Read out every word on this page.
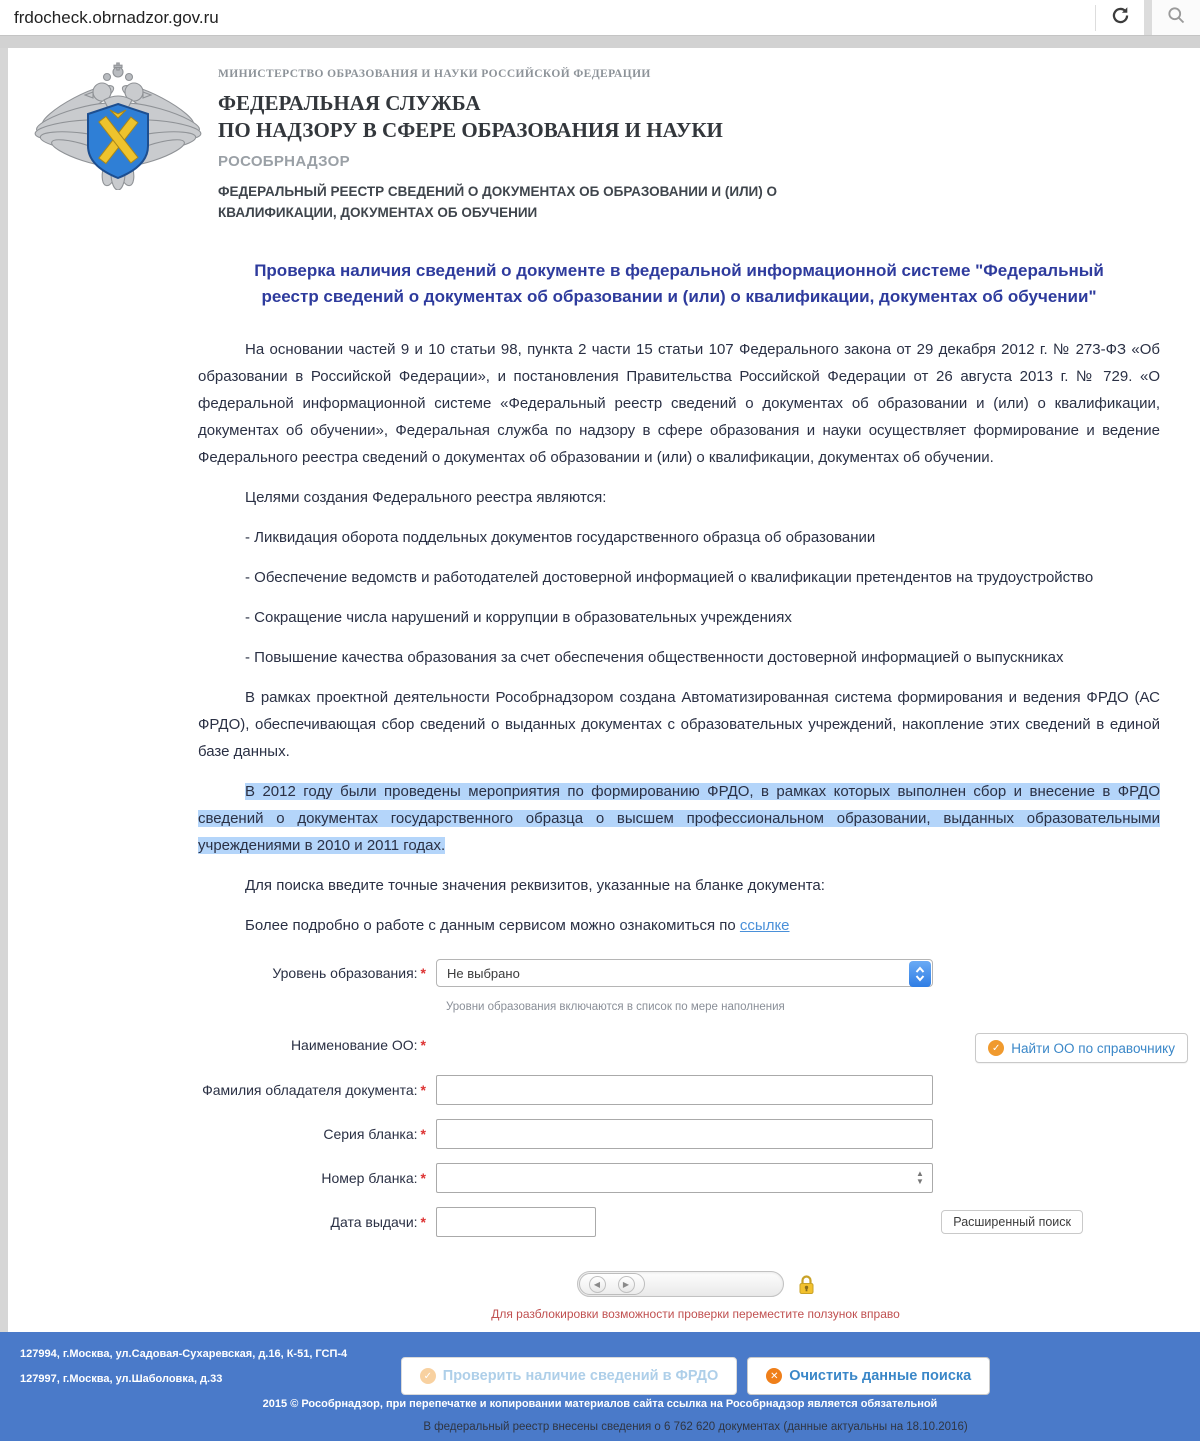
frdocheck.obrnadzor.gov.ru
МИНИСТЕРСТВО ОБРАЗОВАНИЯ И НАУКИ РОССИЙСКОЙ ФЕДЕРАЦИИ
ФЕДЕРАЛЬНАЯ СЛУЖБА
ПО НАДЗОРУ В СФЕРЕ ОБРАЗОВАНИЯ И НАУКИ
РОСОБРНАДЗОР
ФЕДЕРАЛЬНЫЙ РЕЕСТР СВЕДЕНИЙ О ДОКУМЕНТАХ ОБ ОБРАЗОВАНИИ И (ИЛИ) О КВАЛИФИКАЦИИ, ДОКУМЕНТАХ ОБ ОБУЧЕНИИ
Проверка наличия сведений о документе в федеральной информационной системе "Федеральный реестр сведений о документах об образовании и (или) о квалификации, документах об обучении"

На основании частей 9 и 10 статьи 98, пункта 2 части 15 статьи 107 Федерального закона от 29 декабря 2012 г. № 273-ФЗ «Об образовании в Российской Федерации», и постановления Правительства Российской Федерации от 26 августа 2013 г. № 729. «О федеральной информационной системе «Федеральный реестр сведений о документах об образовании и (или) о квалификации, документах об обучении», Федеральная служба по надзору в сфере образования и науки осуществляет формирование и ведение Федерального реестра сведений о документах об образовании и (или) о квалификации, документах об обучении.

Целями создания Федерального реестра являются:

- Ликвидация оборота поддельных документов государственного образца об образовании

- Обеспечение ведомств и работодателей достоверной информацией о квалификации претендентов на трудоустройство

- Сокращение числа нарушений и коррупции в образовательных учреждениях

- Повышение качества образования за счет обеспечения общественности достоверной информацией о выпускниках

В рамках проектной деятельности Рособрнадзором создана Автоматизированная система формирования и ведения ФРДО (АС ФРДО), обеспечивающая сбор сведений о выданных документах с образовательных учреждений, накопление этих сведений в единой базе данных.

В 2012 году были проведены мероприятия по формированию ФРДО, в рамках которых выполнен сбор и внесение в ФРДО сведений о документах государственного образца о высшем профессиональном образовании, выданных образовательными учреждениями в 2010 и 2011 годах.

Для поиска введите точные значения реквизитов, указанные на бланке документа:

Более подробно о работе с данным сервисом можно ознакомиться по ссылке

Уровень образования: *	Не выбрано
Уровни образования включаются в список по мере наполнения
Наименование ОО: *	✓ Найти ОО по справочнику
Фамилия обладателя документа: *
Серия бланка: *
Номер бланка: *	▲
▼
Дата выдачи: *	Расширенный поиск
◀	▶
Для разблокировки возможности проверки переместите ползунок вправо
✓ Проверить наличие сведений в ФРДО	✕ Очистить данные поиска
В федеральный реестр внесены сведения о 6 762 620 документах (данные актуальны на 18.10.2016)
127994, г.Москва, ул.Садовая-Сухаревская, д.16, К-51, ГСП-4
127997, г.Москва, ул.Шаболовка, д.33
2015 © Рособрнадзор, при перепечатке и копировании материалов сайта ссылка на Рособрнадзор является обязательной
